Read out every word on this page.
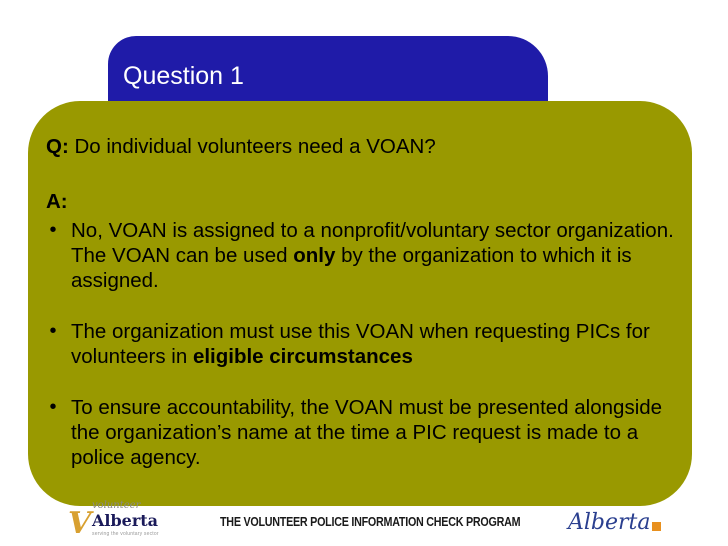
Question 1

Q: Do individual volunteers need a VOAN?

A:

• No, VOAN is assigned to a nonprofit/voluntary sector organization. The VOAN can be used only by the organization to which it is assigned.
• The organization must use this VOAN when requesting PICs for volunteers in eligible circumstances
• To ensure accountability, the VOAN must be presented alongside the organization’s name at the time a PIC request is made to a police agency.
V
volunteer
Alberta
serving the voluntary sector
THE VOLUNTEER POLICE INFORMATION CHECK PROGRAM Alberta
